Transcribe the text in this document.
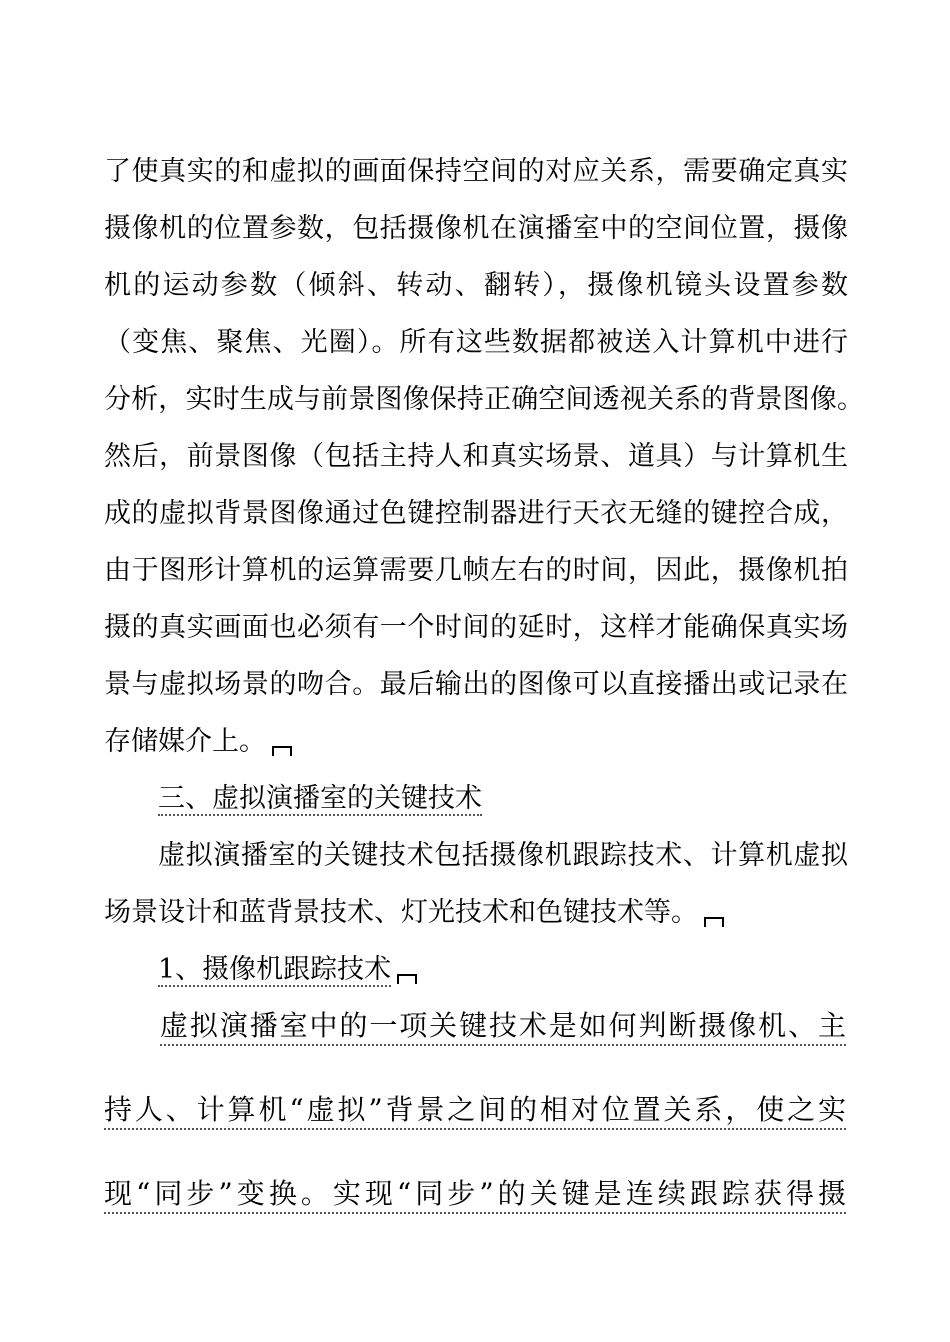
了使真实的和虚拟的画面保持空间的对应关系，需要确定真实
摄像机的位置参数，包括摄像机在演播室中的空间位置，摄像
机的运动参数（倾斜、转动、翻转），摄像机镜头设置参数
（变焦、聚焦、光圈）。所有这些数据都被送入计算机中进行
分析，实时生成与前景图像保持正确空间透视关系的背景图像。
然后，前景图像（包括主持人和真实场景、道具）与计算机生
成的虚拟背景图像通过色键控制器进行天衣无缝的键控合成，
由于图形计算机的运算需要几帧左右的时间，因此，摄像机拍
摄的真实画面也必须有一个时间的延时，这样才能确保真实场
景与虚拟场景的吻合。最后输出的图像可以直接播出或记录在
存储媒介上。
三、虚拟演播室的关键技术
虚拟演播室的关键技术包括摄像机跟踪技术、计算机虚拟
场景设计和蓝背景技术、灯光技术和色键技术等。
1、摄像机跟踪技术
虚拟演播室中的一项关键技术是如何判断摄像机、主
持人、计算机“虚拟”背景之间的相对位置关系，使之实
现“同步”变换。实现“同步”的关键是连续跟踪获得摄
